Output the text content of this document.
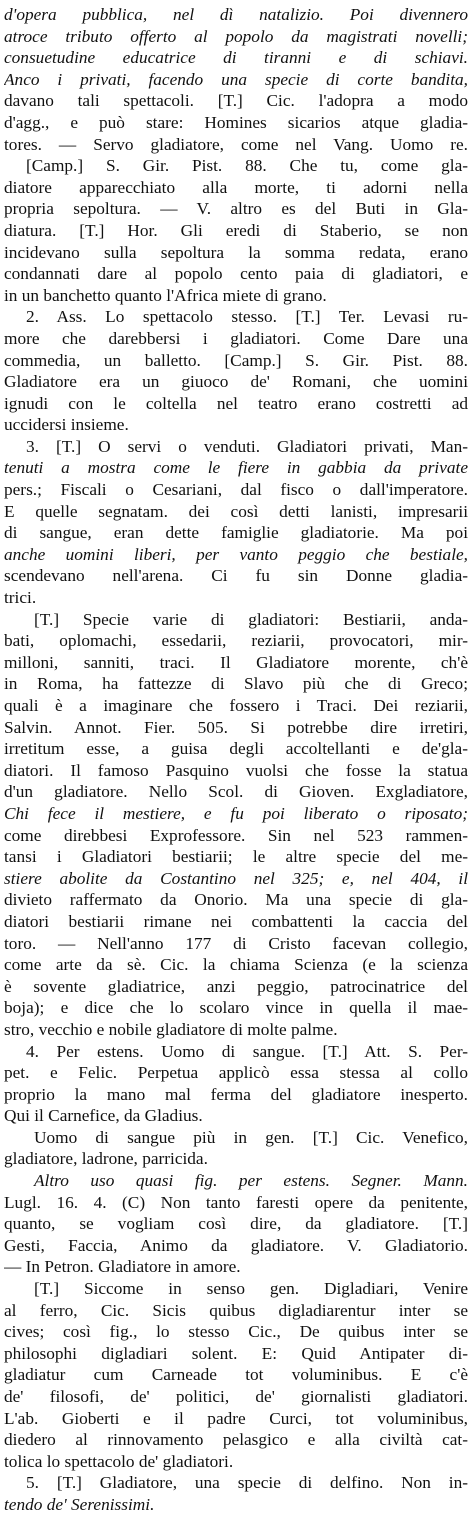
d'opera pubblica, nel dì natalizio. Poi divennero
atroce tributo offerto al popolo da magistrati novelli;
consuetudine educatrice di tiranni e di schiavi.
Anco i privati, facendo una specie di corte bandita,
davano tali spettacoli. [T.] Cic. l'adopra a modo
d'agg., e può stare: Homines sicarios atque gladia-
tores. — Servo gladiatore, come nel Vang. Uomo re.
[Camp.] S. Gir. Pist. 88. Che tu, come gla-
diatore apparecchiato alla morte, ti adorni nella
propria sepoltura. — V. altro es del Buti in Gla-
diatura. [T.] Hor. Gli eredi di Staberio, se non
incidevano sulla sepoltura la somma redata, erano
condannati dare al popolo cento paia di gladiatori, e
in un banchetto quanto l'Africa miete di grano.
2. Ass. Lo spettacolo stesso. [T.] Ter. Levasi ru-
more che darebbersi i gladiatori. Come Dare una
commedia, un balletto. [Camp.] S. Gir. Pist. 88.
Gladiatore era un giuoco de' Romani, che uomini
ignudi con le coltella nel teatro erano costretti ad
uccidersi insieme.
3. [T.] O servi o venduti. Gladiatori privati, Man-
tenuti a mostra come le fiere in gabbia da private
pers.; Fiscali o Cesariani, dal fisco o dall'imperatore.
E quelle segnatam. dei così detti lanisti, impresarii
di sangue, eran dette famiglie gladiatorie. Ma poi
anche uomini liberi, per vanto peggio che bestiale,
scendevano nell'arena. Ci fu sin Donne gladia-
trici.
[T.] Specie varie di gladiatori: Bestiarii, anda-
bati, oplomachi, essedarii, reziarii, provocatori, mir-
milloni, sanniti, traci. Il Gladiatore morente, ch'è
in Roma, ha fattezze di Slavo più che di Greco;
quali è a imaginare che fossero i Traci. Dei reziarii,
Salvin. Annot. Fier. 505. Si potrebbe dire irretiri,
irretitum esse, a guisa degli accoltellanti e de'gla-
diatori. Il famoso Pasquino vuolsi che fosse la statua
d'un gladiatore. Nello Scol. di Gioven. Exgladiatore,
Chi fece il mestiere, e fu poi liberato o riposato;
come direbbesi Exprofessore. Sin nel 523 rammen-
tansi i Gladiatori bestiarii; le altre specie del me-
stiere abolite da Costantino nel 325; e, nel 404, il
divieto raffermato da Onorio. Ma una specie di gla-
diatori bestiarii rimane nei combattenti la caccia del
toro. — Nell'anno 177 di Cristo facevan collegio,
come arte da sè. Cic. la chiama Scienza (e la scienza
è sovente gladiatrice, anzi peggio, patrocinatrice del
boja); e dice che lo scolaro vince in quella il mae-
stro, vecchio e nobile gladiatore di molte palme.
4. Per estens. Uomo di sangue. [T.] Att. S. Per-
pet. e Felic. Perpetua applicò essa stessa al collo
proprio la mano mal ferma del gladiatore inesperto.
Qui il Carnefice, da Gladius.
Uomo di sangue più in gen. [T.] Cic. Venefico,
gladiatore, ladrone, parricida.
Altro uso quasi fig. per estens. Segner. Mann.
Lugl. 16. 4. (C) Non tanto faresti opere da penitente,
quanto, se vogliam così dire, da gladiatore. [T.]
Gesti, Faccia, Animo da gladiatore. V. Gladiatorio.
— In Petron. Gladiatore in amore.
[T.] Siccome in senso gen. Digladiari, Venire
al ferro, Cic. Sicis quibus digladiarentur inter se
cives; così fig., lo stesso Cic., De quibus inter se
philosophi digladiari solent. E: Quid Antipater di-
gladiatur cum Carneade tot voluminibus. E c'è
de' filosofi, de' politici, de' giornalisti gladiatori.
L'ab. Gioberti e il padre Curci, tot voluminibus,
diedero al rinnovamento pelasgico e alla civiltà cat-
tolica lo spettacolo de' gladiatori.
5. [T.] Gladiatore, una specie di delfino. Non in-
tendo de' Serenissimi.
